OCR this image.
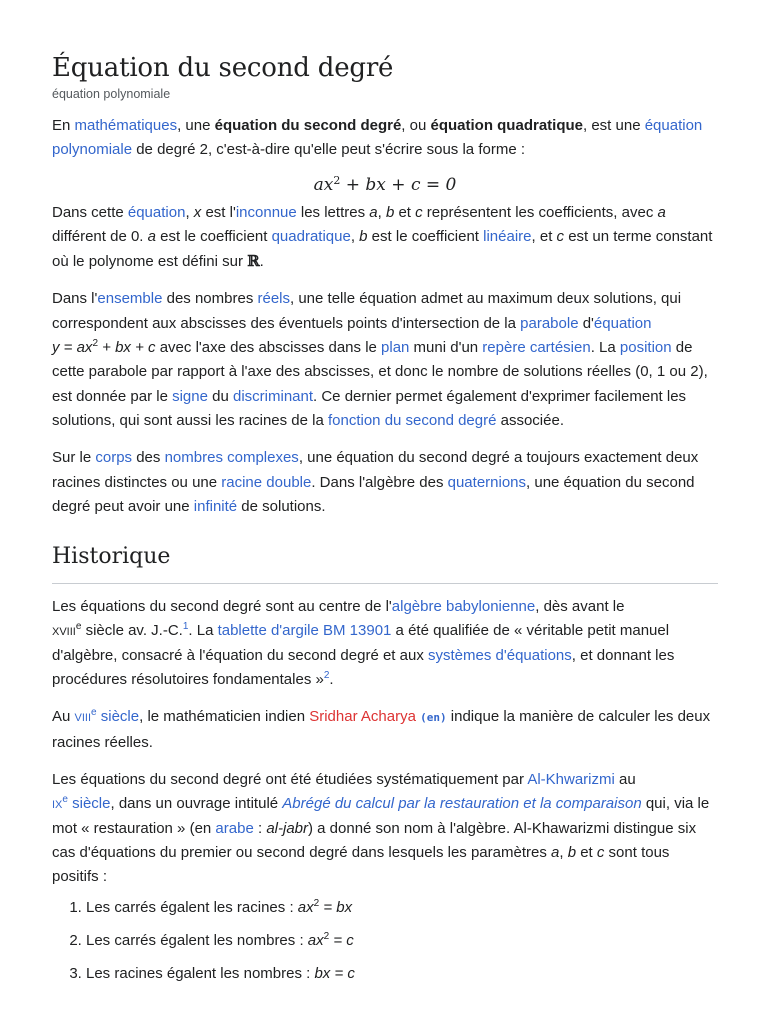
Équation du second degré
équation polynomiale

En mathématiques, une équation du second degré, ou équation quadratique, est une équation polynomiale de degré 2, c'est-à-dire qu'elle peut s'écrire sous la forme :

$ax^2$ + bx + c = 0

Dans cette équation, x est l'inconnue les lettres a, b et c représentent les coefficients, avec a différent de 0. a est le coefficient quadratique, b est le coefficient linéaire, et c est un terme constant où le polynome est défini sur ℝ.

Dans l'ensemble des nombres réels, une telle équation admet au maximum deux solutions, qui correspondent aux abscisses des éventuels points d'intersection de la parabole d'équation
$y = ax^2$ + bx + c avec l'axe des abscisses dans le plan muni d'un repère cartésien. La position de cette parabole par rapport à l'axe des abscisses, et donc le nombre de solutions réelles (0, 1 ou 2), est donnée par le signe du discriminant. Ce dernier permet également d'exprimer facilement les solutions, qui sont aussi les racines de la fonction du second degré associée.

Sur le corps des nombres complexes, une équation du second degré a toujours exactement deux racines distinctes ou une racine double. Dans l'algèbre des quaternions, une équation du second degré peut avoir une infinité de solutions.

Historique

Les équations du second degré sont au centre de l'algèbre babylonienne, dès avant le
xviii$^e$ siècle av. J.-C.$^1$. La tablette d'argile BM 13901 a été qualifiée de « véritable petit manuel d'algèbre, consacré à l'équation du second degré et aux systèmes d'équations, et donnant les procédures résolutoires fondamentales »$^2$.

Au viii$^e$ siècle, le mathématicien indien Sridhar Acharya (en) indique la manière de calculer les deux racines réelles.

Les équations du second degré ont été étudiées systématiquement par Al-Khwarizmi au
$ix^e$ siècle, dans un ouvrage intitulé Abrégé du calcul par la restauration et la comparaison qui, via le mot « restauration » (en arabe : al-jabr) a donné son nom à l'algèbre. Al-Khawarizmi distingue six cas d'équations du premier ou second degré dans lesquels les paramètres a, b et c sont tous positifs :

1. Les carrés égalent les racines : $ax^2$ = bx
2. Les carrés égalent les nombres : $ax^2 = c$
3. Les racines égalent les nombres : bx = c
